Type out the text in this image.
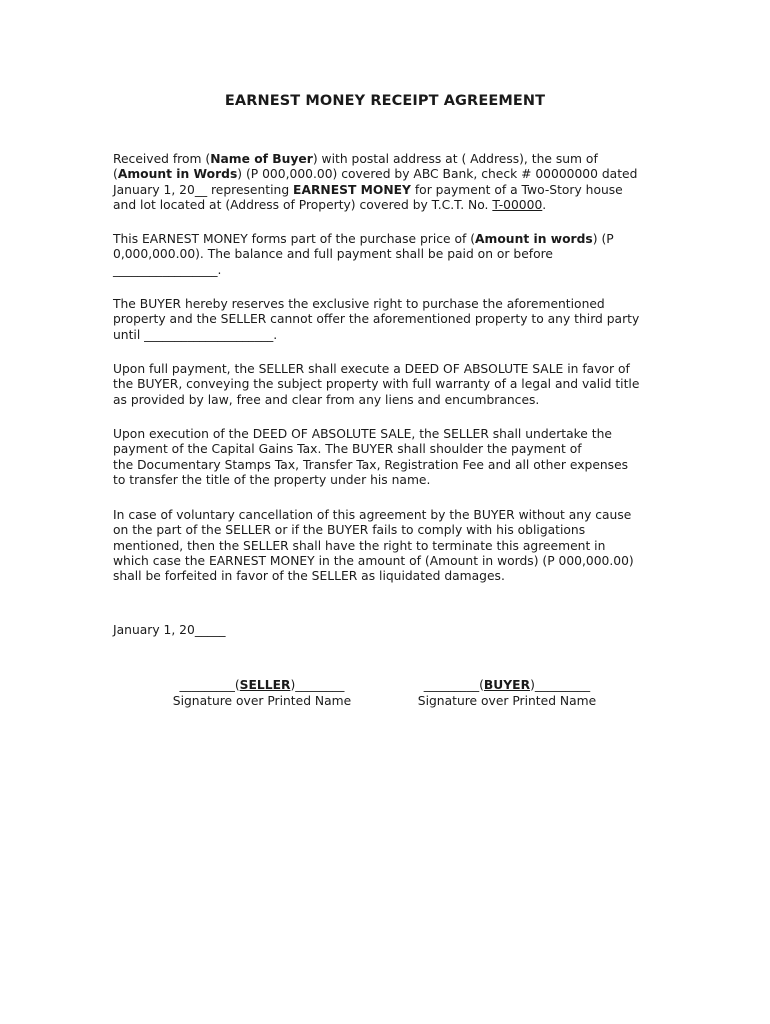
EARNEST MONEY RECEIPT AGREEMENT
Received from (Name of Buyer) with postal address at ( Address), the sum of
(Amount in Words) (P 000,000.00) covered by ABC Bank, check # 00000000 dated
January 1, 20__ representing EARNEST MONEY for payment of a Two-Story house
and lot located at (Address of Property) covered by T.C.T. No. T-00000.
This EARNEST MONEY forms part of the purchase price of (Amount in words) (P
0,000,000.00). The balance and full payment shall be paid on or before
_________________.
The BUYER hereby reserves the exclusive right to purchase the aforementioned
property and the SELLER cannot offer the aforementioned property to any third party
until _____________________.
Upon full payment, the SELLER shall execute a DEED OF ABSOLUTE SALE in favor of
the BUYER, conveying the subject property with full warranty of a legal and valid title
as provided by law, free and clear from any liens and encumbrances.
Upon execution of the DEED OF ABSOLUTE SALE, the SELLER shall undertake the
payment of the Capital Gains Tax. The BUYER shall shoulder the payment of
the Documentary Stamps Tax, Transfer Tax, Registration Fee and all other expenses
to transfer the title of the property under his name.
In case of voluntary cancellation of this agreement by the BUYER without any cause
on the part of the SELLER or if the BUYER fails to comply with his obligations
mentioned, then the SELLER shall have the right to terminate this agreement in
which case the EARNEST MONEY in the amount of (Amount in words) (P 000,000.00)
shall be forfeited in favor of the SELLER as liquidated damages.
January 1, 20_____
_________(SELLER)________
Signature over Printed Name
_________(BUYER)_________
Signature over Printed Name
